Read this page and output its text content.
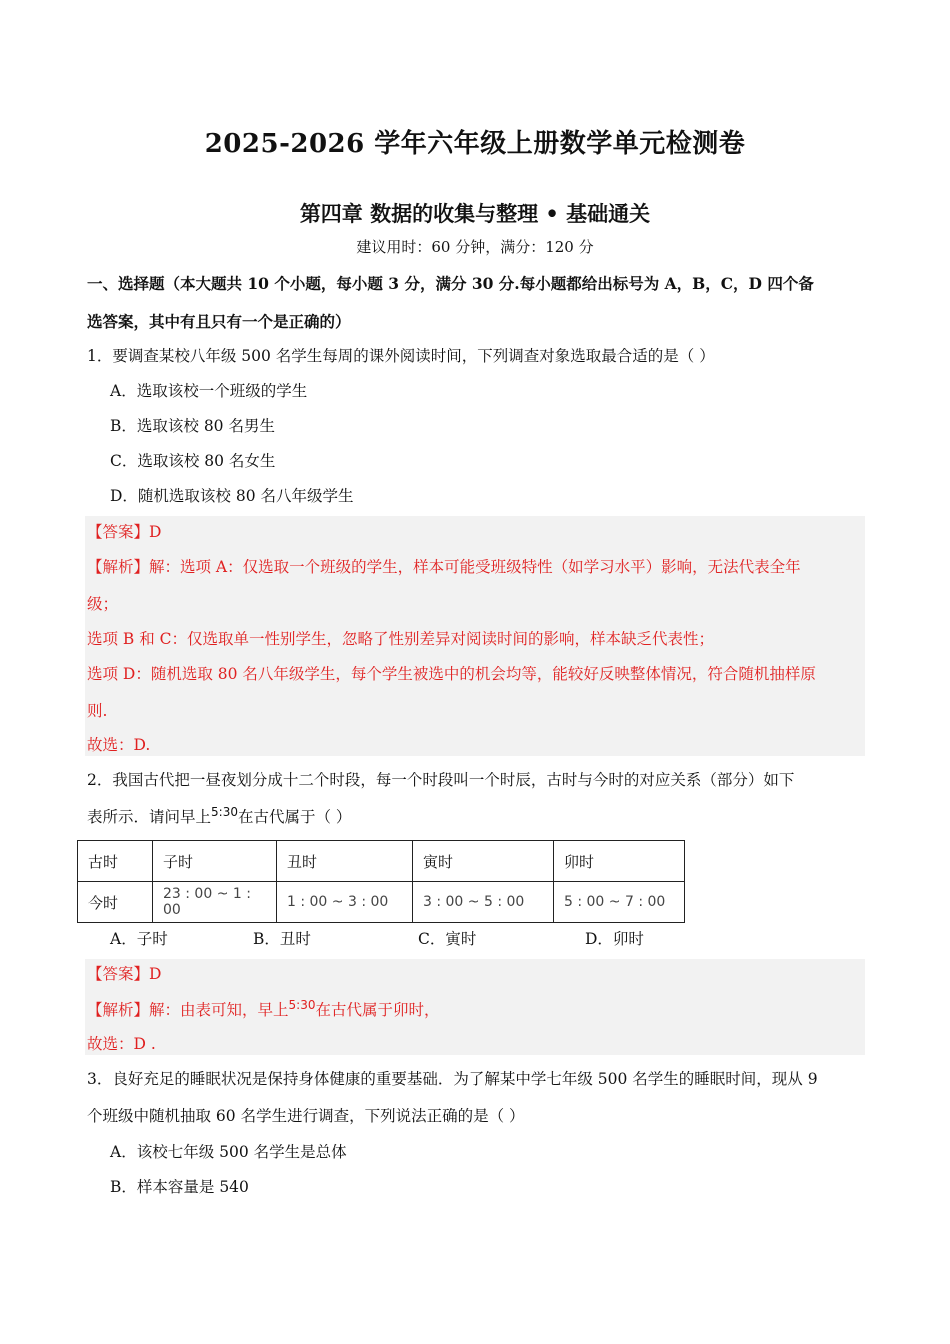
2025-2026 学年六年级上册数学单元检测卷
第四章 数据的收集与整理 • 基础通关
建议用时：60 分钟，满分：120 分
一、选择题（本大题共 10 个小题，每小题 3 分，满分 30 分.每小题都给出标号为 A，B，C，D 四个备
选答案，其中有且只有一个是正确的）
1．要调查某校八年级 500 名学生每周的课外阅读时间，下列调查对象选取最合适的是（ ）
A．选取该校一个班级的学生
B．选取该校 80 名男生
C．选取该校 80 名女生
D．随机选取该校 80 名八年级学生
【答案】D
【解析】解：选项 A：仅选取一个班级的学生，样本可能受班级特性（如学习水平）影响，无法代表全年
级；
选项 B 和 C：仅选取单一性别学生，忽略了性别差异对阅读时间的影响，样本缺乏代表性；
选项 D：随机选取 80 名八年级学生，每个学生被选中的机会均等，能较好反映整体情况，符合随机抽样原
则.
故选：D.
2．我国古代把一昼夜划分成十二个时段，每一个时段叫一个时辰，古时与今时的对应关系（部分）如下
表所示．请问早上$^{5:30}$在古代属于（ ）
古时	子时	丑时	寅时	卯时
今时	23 : 00 ~ 1 : 00	1 : 00 ~ 3 : 00	3 : 00 ~ 5 : 00	5 : 00 ~ 7 : 00
A．子时	B．丑时	C．寅时	D．卯时
【答案】D
【解析】解：由表可知，早上$^{5:30}$在古代属于卯时，
故选：D .
3．良好充足的睡眠状况是保持身体健康的重要基础．为了解某中学七年级 500 名学生的睡眠时间，现从 9
个班级中随机抽取 60 名学生进行调查，下列说法正确的是（ ）
A．该校七年级 500 名学生是总体
B．样本容量是 540
